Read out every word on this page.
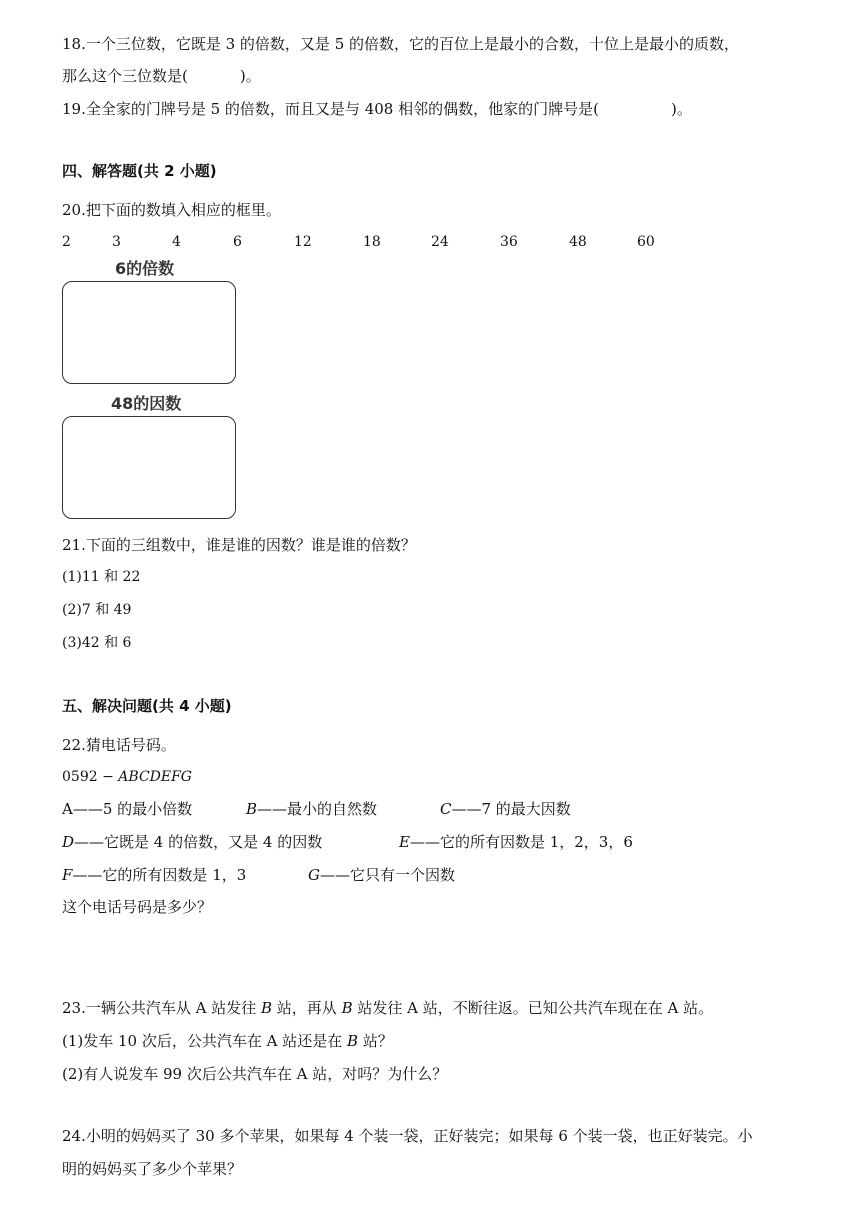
18.一个三位数，它既是 3 的倍数，又是 5 的倍数，它的百位上是最小的合数，十位上是最小的质数，
那么这个三位数是(	)。
19.全全家的门牌号是 5 的倍数，而且又是与 408 相邻的偶数，他家的门牌号是(	)。
四、解答题(共 2 小题)
20.把下面的数填入相应的框里。
2	3	4	6	12	18	24	36	48	60
6的倍数
48的因数
21.下面的三组数中，谁是谁的因数？谁是谁的倍数？
(1)11 和 22
(2)7 和 49
(3)42 和 6
五、解决问题(共 4 小题)
22.猜电话号码。
0592 − ABCDEFG
A——5 的最小倍数	B——最小的自然数	C——7 的最大因数
D——它既是 4 的倍数，又是 4 的因数	E——它的所有因数是 1，2，3，6
F——它的所有因数是 1，3	G——它只有一个因数
这个电话号码是多少？
23.一辆公共汽车从 A 站发往 B 站，再从 B 站发往 A 站，不断往返。已知公共汽车现在在 A 站。
(1)发车 10 次后，公共汽车在 A 站还是在 B 站？
(2)有人说发车 99 次后公共汽车在 A 站，对吗？为什么？
24.小明的妈妈买了 30 多个苹果，如果每 4 个装一袋，正好装完；如果每 6 个装一袋，也正好装完。小
明的妈妈买了多少个苹果？
